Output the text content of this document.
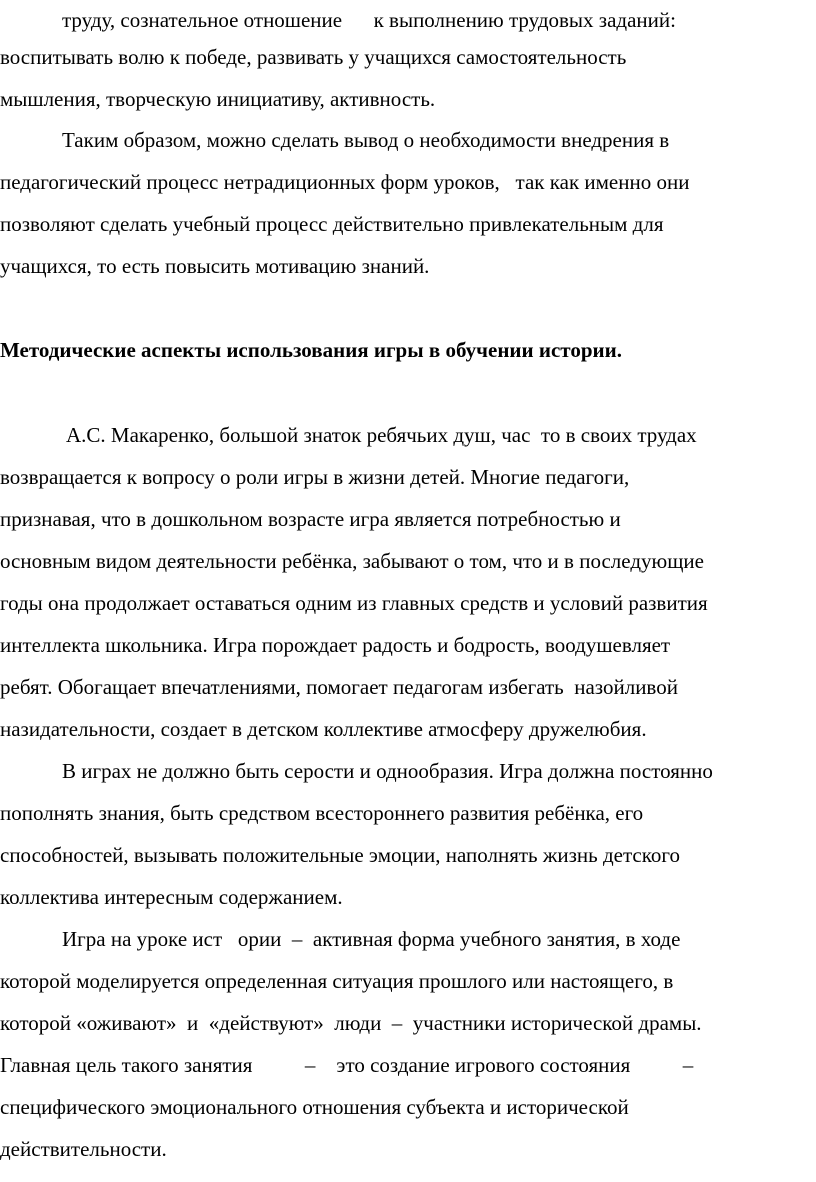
труду, сознательное отношение      к выполнению трудовых заданий:
воспитывать волю к победе, развивать у учащихся самостоятельность
мышления, творческую инициативу, активность.
Таким образом, можно сделать вывод о необходимости внедрения в
педагогический процесс нетрадиционных форм уроков,   так как именно они
позволяют сделать учебный процесс действительно привлекательным для
учащихся, то есть повысить мотивацию знаний.
Методические аспекты использования игры в обучении истории.
А.С. Макаренко, большой знаток ребячьих душ, час  то в своих трудах
возвращается к вопросу о роли игры в жизни детей. Многие педагоги,
признавая, что в дошкольном возрасте игра является потребностью и
основным видом деятельности ребёнка, забывают о том, что и в последующие
годы она продолжает оставаться одним из главных средств и условий развития
интеллекта школьника. Игра порождает радость и бодрость, воодушевляет
ребят. Обогащает впечатлениями, помогает педагогам избегать  назойливой
назидательности, создает в детском коллективе атмосферу дружелюбия.
В играх не должно быть серости и однообразия. Игра должна постоянно
пополнять знания, быть средством всестороннего развития ребёнка, его
способностей, вызывать положительные эмоции, наполнять жизнь детского
коллектива интересным содержанием.
Игра на уроке ист   ории  –  активная форма учебного занятия, в ходе
которой моделируется определенная ситуация прошлого или настоящего, в
которой «оживают»  и  «действуют»  люди  –  участники исторической драмы.
Главная цель такого занятия          –    это создание игрового состояния          –
специфического эмоционального отношения субъекта и исторической
действительности.
